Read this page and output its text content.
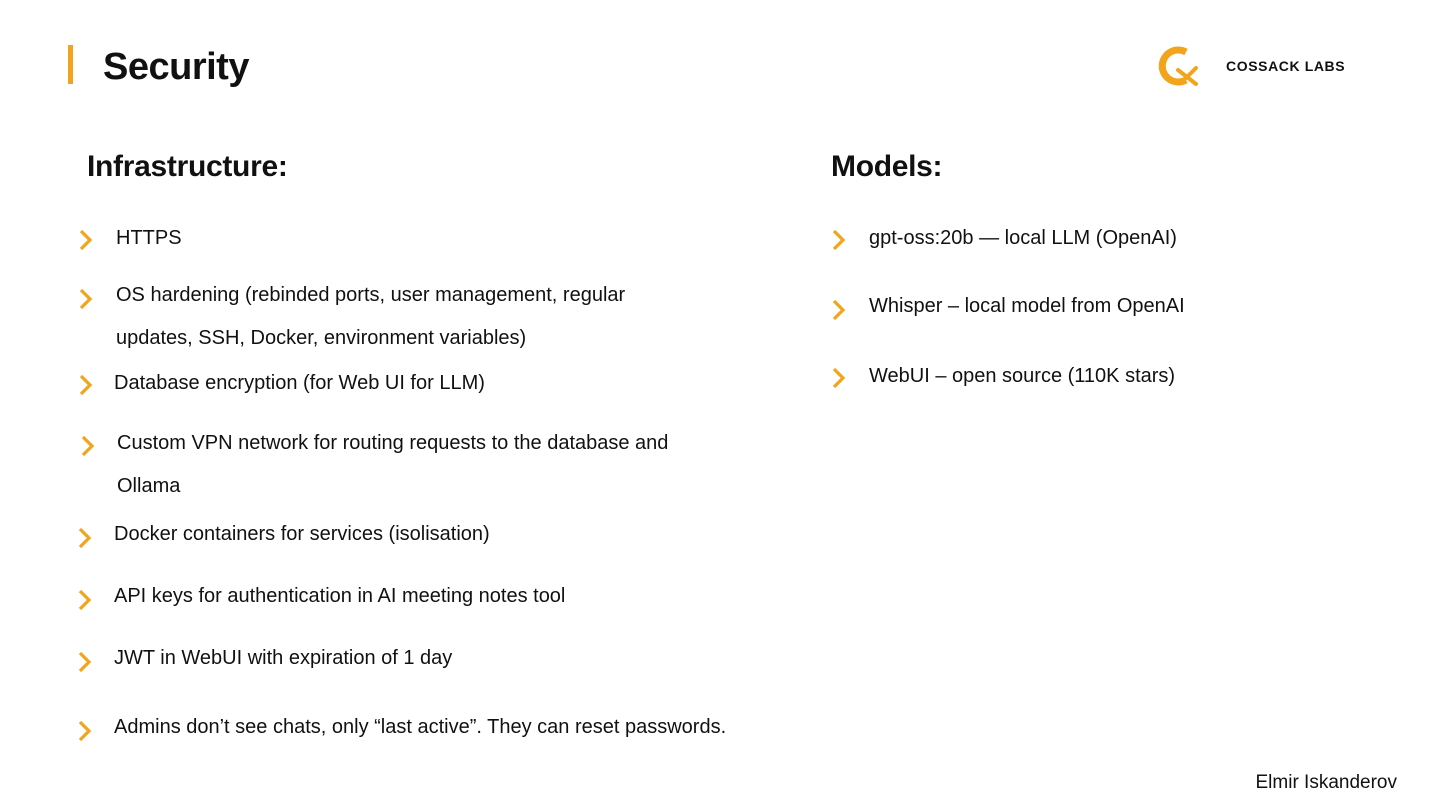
Security	COSSACK LABS
Infrastructure:	Models:
HTTPS
OS hardening (rebinded ports, user management, regular
updates, SSH, Docker, environment variables)
Database encryption (for Web UI for LLM)
Custom VPN network for routing requests to the database and
Ollama
Docker containers for services (isolisation)
API keys for authentication in AI meeting notes tool
JWT in WebUI with expiration of 1 day
Admins don’t see chats, only “last active”. They can reset passwords.
gpt-oss:20b — local LLM (OpenAI)
Whisper – local model from OpenAI
WebUI – open source (110K stars)
Elmir Iskanderov
